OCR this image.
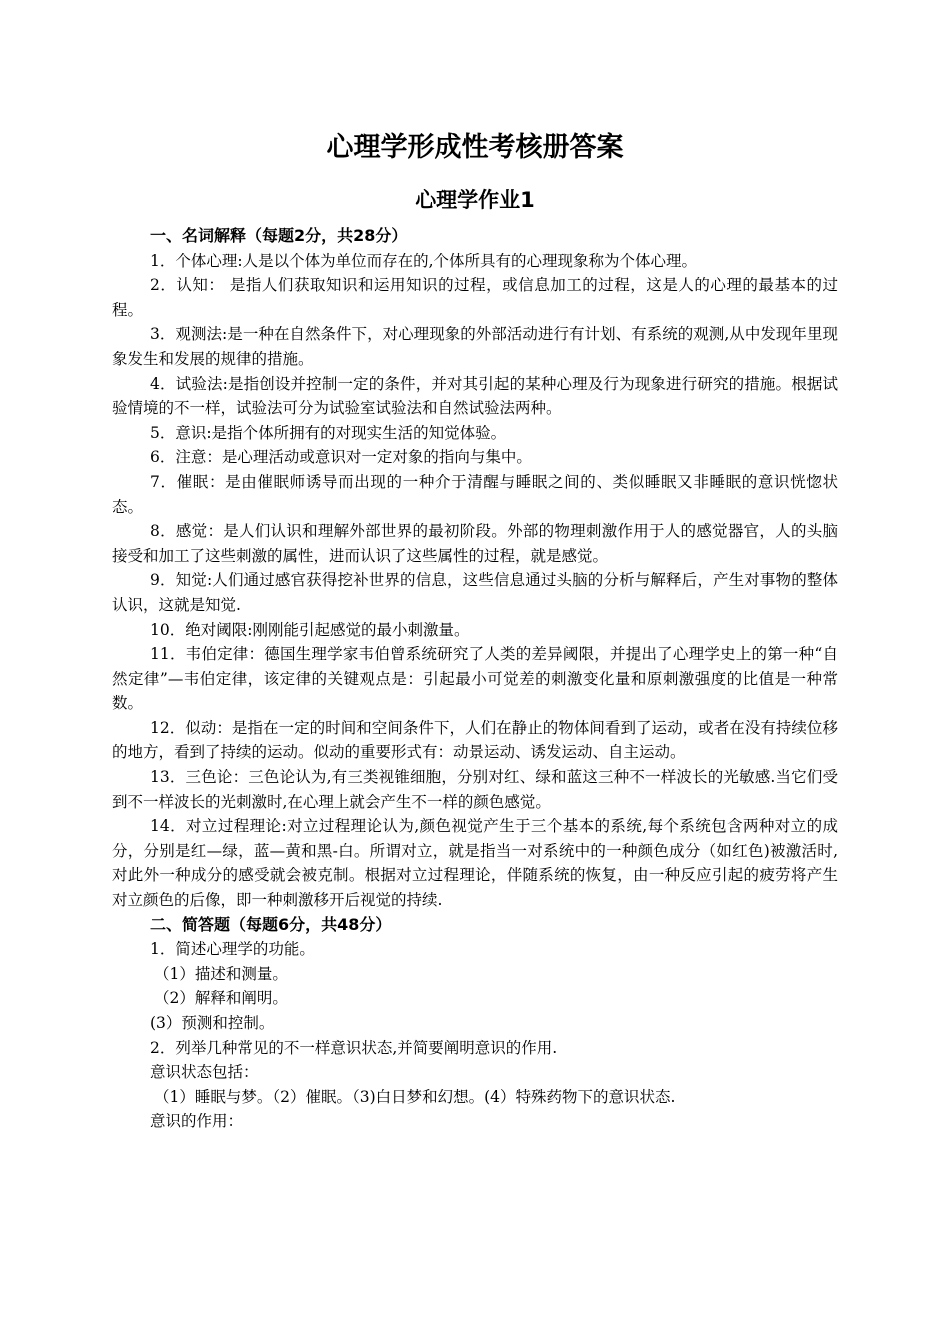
心理学形成性考核册答案
心理学作业1

一、名词解释（每题2分，共28分）

1．个体心理:人是以个体为单位而存在的,个体所具有的心理现象称为个体心理。

2．认知： 是指人们获取知识和运用知识的过程，或信息加工的过程，这是人的心理的最基本的过程。

3．观测法:是一种在自然条件下，对心理现象的外部活动进行有计划、有系统的观测,从中发现年里现象发生和发展的规律的措施。

4．试验法:是指创设并控制一定的条件，并对其引起的某种心理及行为现象进行研究的措施。根据试验情境的不一样，试验法可分为试验室试验法和自然试验法两种。

5．意识:是指个体所拥有的对现实生活的知觉体验。

6．注意：是心理活动或意识对一定对象的指向与集中。

7．催眠：是由催眠师诱导而出现的一种介于清醒与睡眠之间的、类似睡眠又非睡眠的意识恍惚状态。

8．感觉：是人们认识和理解外部世界的最初阶段。外部的物理刺激作用于人的感觉器官，人的头脑接受和加工了这些刺激的属性，进而认识了这些属性的过程，就是感觉。

9．知觉:人们通过感官获得挖补世界的信息，这些信息通过头脑的分析与解释后，产生对事物的整体认识，这就是知觉.

10．绝对阈限:刚刚能引起感觉的最小刺激量。

11．韦伯定律：德国生理学家韦伯曾系统研究了人类的差异阈限，并提出了心理学史上的第一种“自然定律”—韦伯定律，该定律的关键观点是：引起最小可觉差的刺激变化量和原刺激强度的比值是一种常数。

12．似动：是指在一定的时间和空间条件下，人们在静止的物体间看到了运动，或者在没有持续位移的地方，看到了持续的运动。似动的重要形式有：动景运动、诱发运动、自主运动。

13．三色论：三色论认为,有三类视锥细胞，分别对红、绿和蓝这三种不一样波长的光敏感.当它们受到不一样波长的光刺激时,在心理上就会产生不一样的颜色感觉。

14．对立过程理论:对立过程理论认为,颜色视觉产生于三个基本的系统,每个系统包含两种对立的成分，分别是红—绿，蓝—黄和黑-白。所谓对立，就是指当一对系统中的一种颜色成分（如红色)被激活时,对此外一种成分的感受就会被克制。根据对立过程理论，伴随系统的恢复，由一种反应引起的疲劳将产生对立颜色的后像，即一种刺激移开后视觉的持续.

二、简答题（每题6分，共48分）

1．简述心理学的功能。

（1）描述和测量。

（2）解释和阐明。

(3）预测和控制。

2．列举几种常见的不一样意识状态,并简要阐明意识的作用.

意识状态包括：

（1）睡眠与梦。（2）催眠。（3)白日梦和幻想。(4）特殊药物下的意识状态.

意识的作用：
